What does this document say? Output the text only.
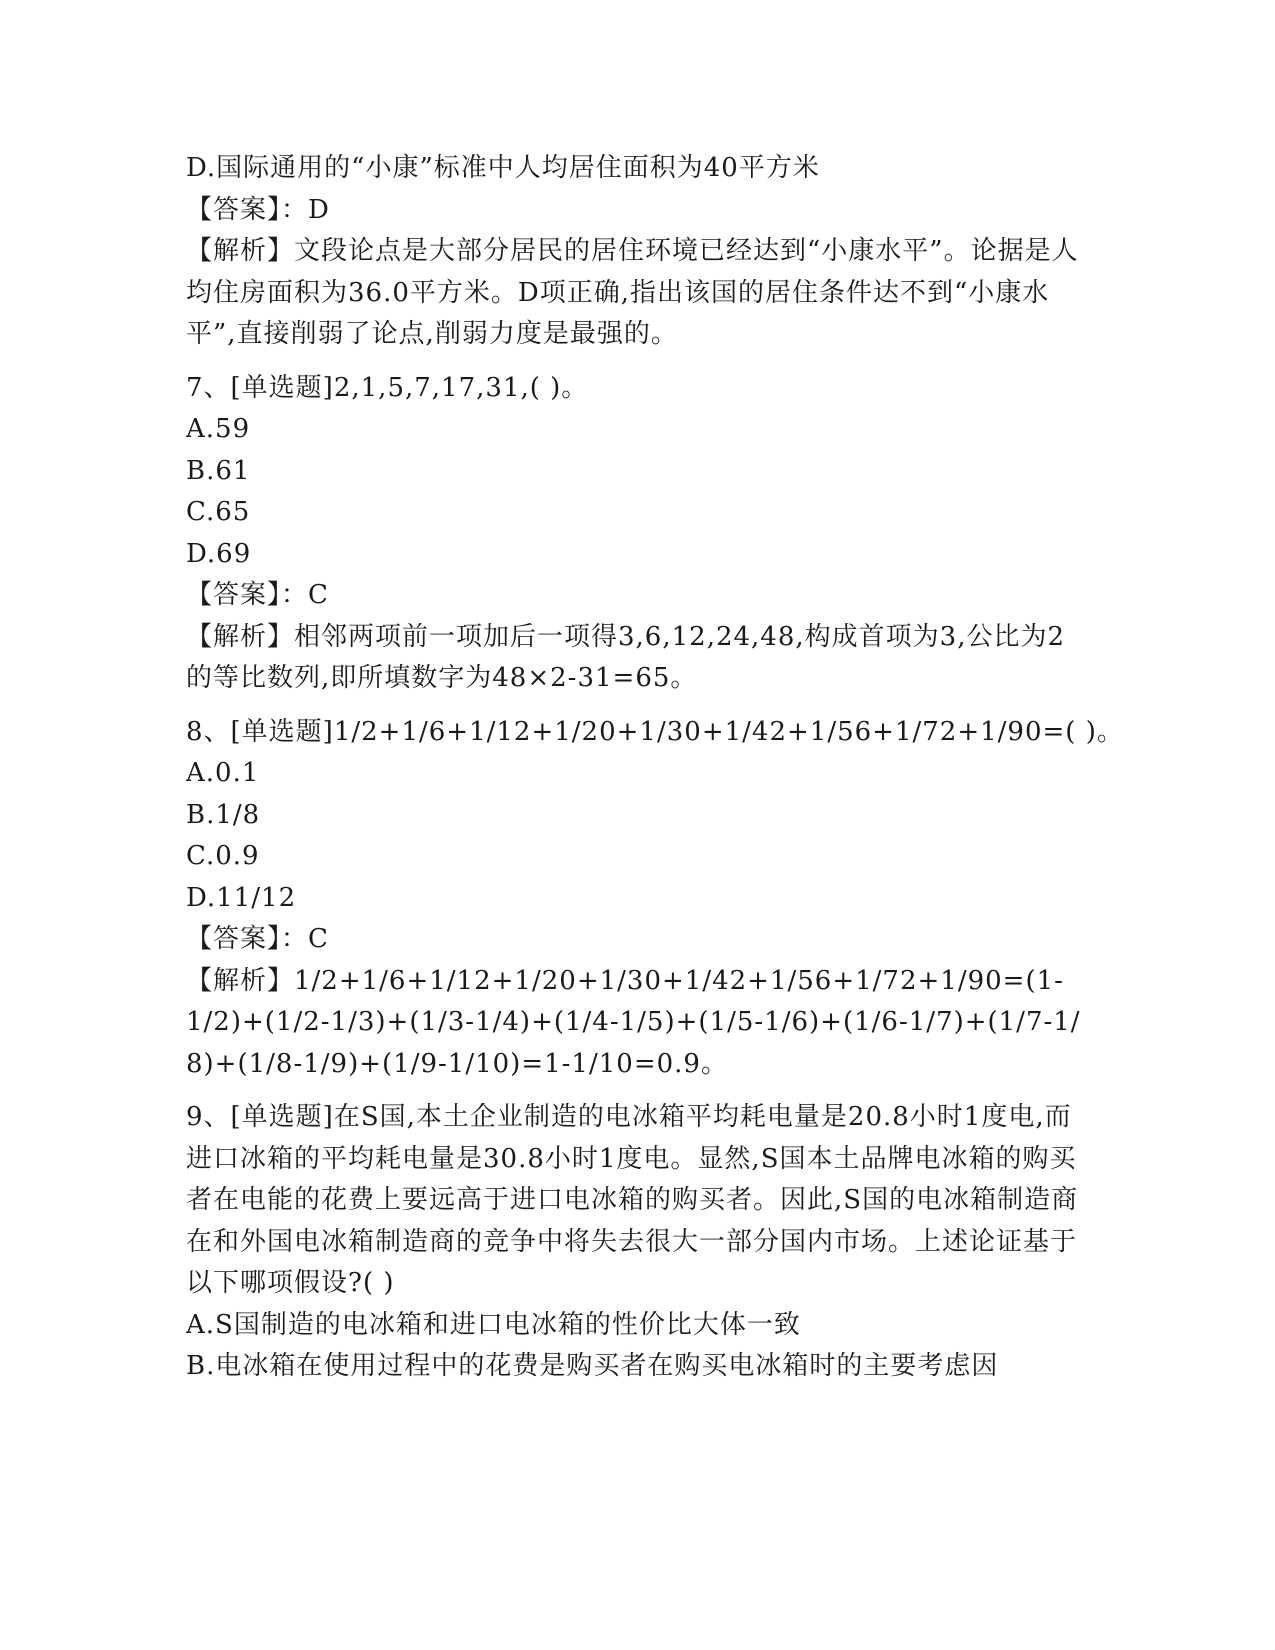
D.国际通用的“小康”标准中人均居住面积为40平方米
【答案】：D
【解析】文段论点是大部分居民的居住环境已经达到“小康水平”。论据是人均住房面积为36.0平方米。D项正确,指出该国的居住条件达不到“小康水平”,直接削弱了论点,削弱力度是最强的。
7、[单选题]2,1,5,7,17,31,( )。
A.59
B.61
C.65
D.69
【答案】：C
【解析】相邻两项前一项加后一项得3,6,12,24,48,构成首项为3,公比为2的等比数列,即所填数字为48×2-31=65。
8、[单选题]1/2+1/6+1/12+1/20+1/30+1/42+1/56+1/72+1/90=( )。
A.0.1
B.1/8
C.0.9
D.11/12
【答案】：C
【解析】1/2+1/6+1/12+1/20+1/30+1/42+1/56+1/72+1/90=(1-1/2)+(1/2-1/3)+(1/3-1/4)+(1/4-1/5)+(1/5-1/6)+(1/6-1/7)+(1/7-1/8)+(1/8-1/9)+(1/9-1/10)=1-1/10=0.9。
9、[单选题]在S国,本土企业制造的电冰箱平均耗电量是20.8小时1度电,而进口冰箱的平均耗电量是30.8小时1度电。显然,S国本土品牌电冰箱的购买者在电能的花费上要远高于进口电冰箱的购买者。因此,S国的电冰箱制造商在和外国电冰箱制造商的竞争中将失去很大一部分国内市场。上述论证基于以下哪项假设?( )
A.S国制造的电冰箱和进口电冰箱的性价比大体一致
B.电冰箱在使用过程中的花费是购买者在购买电冰箱时的主要考虑因
